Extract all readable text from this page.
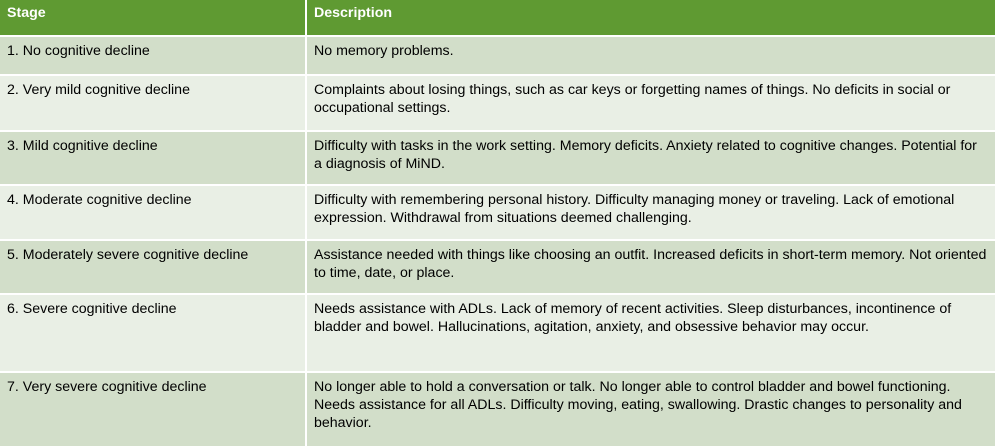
Stage	Description
1. No cognitive decline	No memory problems.
2. Very mild cognitive decline	Complaints about losing things, such as car keys or forgetting names of things. No deficits in social or occupational settings.
3. Mild cognitive decline	Difficulty with tasks in the work setting. Memory deficits. Anxiety related to cognitive changes. Potential for a diagnosis of MiND.
4. Moderate cognitive decline	Difficulty with remembering personal history. Difficulty managing money or traveling. Lack of emotional expression. Withdrawal from situations deemed challenging.
5. Moderately severe cognitive decline	Assistance needed with things like choosing an outfit. Increased deficits in short-term memory. Not oriented to time, date, or place.
6. Severe cognitive decline	Needs assistance with ADLs. Lack of memory of recent activities. Sleep disturbances, incontinence of bladder and bowel. Hallucinations, agitation, anxiety, and obsessive behavior may occur.
7. Very severe cognitive decline	No longer able to hold a conversation or talk. No longer able to control bladder and bowel functioning. Needs assistance for all ADLs. Difficulty moving, eating, swallowing. Drastic changes to personality and behavior.
